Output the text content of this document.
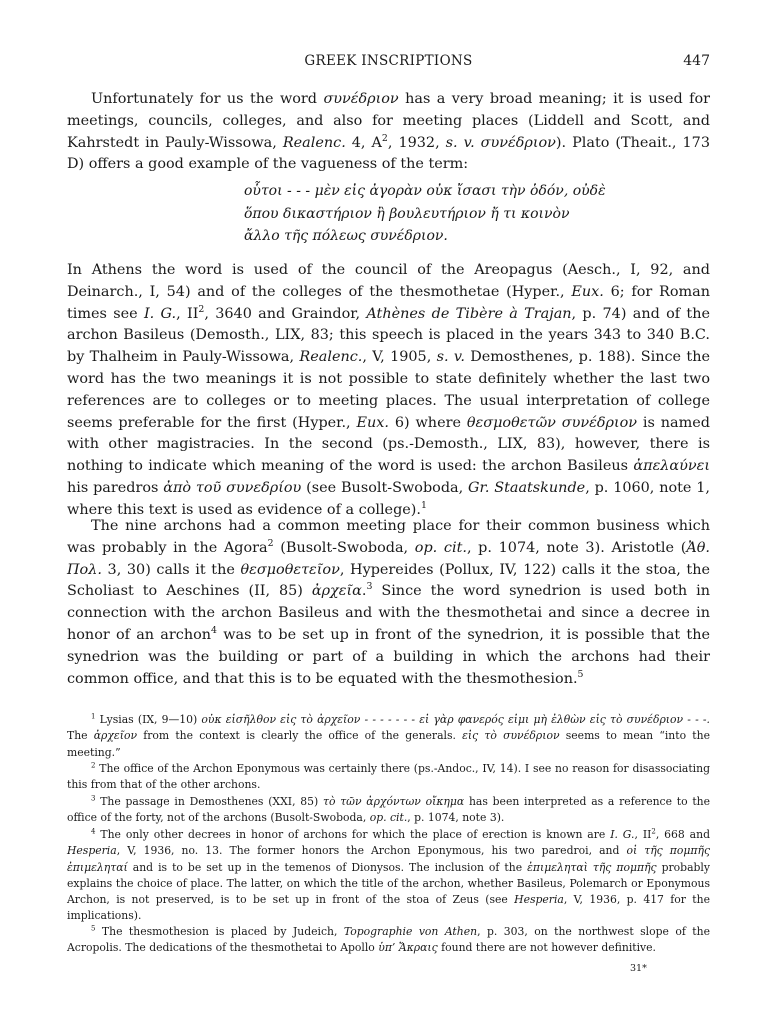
GREEK INSCRIPTIONS	447
Unfortunately for us the word συνέδριον has a very broad meaning; it is used for meetings, councils, colleges, and also for meeting places (Liddell and Scott, and Kahrstedt in Pauly-Wissowa, Realenc. 4, $A^2$, 1932, s. v. συνέδριον). Plato (Theait., 173 D) offers a good example of the vagueness of the term:
οὗτοι - - - μὲν εἰς ἀγορὰν οὐκ ἴσασι τὴν ὁδόν, οὐδὲ
ὅπου δικαστήριον ἢ βουλευτήριον ἤ τι κοινὸν
ἄλλο τῆς πόλεως συνέδριον.
In Athens the word is used of the council of the Areopagus (Aesch., I, 92, and Deinarch., I, 54) and of the colleges of the thesmothetae (Hyper., Eux. 6; for Roman times see I. G., $II^2$, 3640 and Graindor, Athènes de Tibère à Trajan, p. 74) and of the archon Basileus (Demosth., LIX, 83; this speech is placed in the years 343 to 340 B.C. by Thalheim in Pauly-Wissowa, Realenc., V, 1905, s. v. Demosthenes, p. 188). Since the word has the two meanings it is not possible to state definitely whether the last two references are to colleges or to meeting places. The usual interpretation of college seems preferable for the first (Hyper., Eux. 6) where θεσμοθετῶν συνέδριον is named with other magistracies. In the second (ps.-Demosth., LIX, 83), however, there is nothing to indicate which meaning of the word is used: the archon Basileus ἀπελαύνει his paredros ἀπὸ τοῦ συνεδρίου (see Busolt-Swoboda, Gr. Staatskunde, p. 1060, note 1, where this text is used as evidence of a college).$^1$
The nine archons had a common meeting place for their common business which was probably in the Agora$^2$ (Busolt-Swoboda, op. cit., p. 1074, note 3). Aristotle (Ἀθ. Πολ. 3, 30) calls it the θεσμοθετεῖον, Hypereides (Pollux, IV, 122) calls it the stoa, the Scholiast to Aeschines (II, 85) ἀρχεῖα.$^3$ Since the word synedrion is used both in connection with the archon Basileus and with the thesmothetai and since a decree in honor of an archon$^4$ was to be set up in front of the synedrion, it is possible that the synedrion was the building or part of a building in which the archons had their common office, and that this is to be equated with the thesmothesion.$^5$
$^1$ Lysias (IX, 9—10) οὐκ εἰσῆλθον εἰς τὸ ἀρχεῖον - - - - - - - εἰ γὰρ φανερός εἰμι μὴ ἐλθὼν εἰς τὸ συνέδριον - - -. The ἀρχεῖον from the context is clearly the office of the generals. εἰς τὸ συνέδριον seems to mean “into the meeting.”
$^2$ The office of the Archon Eponymous was certainly there (ps.-Andoc., IV, 14). I see no reason for disassociating this from that of the other archons.
$^3$ The passage in Demosthenes (XXI, 85) τὸ τῶν ἀρχόντων οἴκημα has been interpreted as a reference to the office of the forty, not of the archons (Busolt-Swoboda, op. cit., p. 1074, note 3).
$^4$ The only other decrees in honor of archons for which the place of erection is known are I. G., $II^2$, 668 and Hesperia, V, 1936, no. 13. The former honors the Archon Eponymous, his two paredroi, and οἱ τῆς πομπῆς ἐπιμεληταί and is to be set up in the temenos of Dionysos. The inclusion of the ἐπιμεληταὶ τῆς πομπῆς probably explains the choice of place. The latter, on which the title of the archon, whether Basileus, Polemarch or Eponymous Archon, is not preserved, is to be set up in front of the stoa of Zeus (see Hesperia, V, 1936, p. 417 for the implications).
$^5$ The thesmothesion is placed by Judeich, Topographie von Athen, p. 303, on the northwest slope of the Acropolis. The dedications of the thesmothetai to Apollo ὑπ’ Ἄκραις found there are not however definitive.
31*
